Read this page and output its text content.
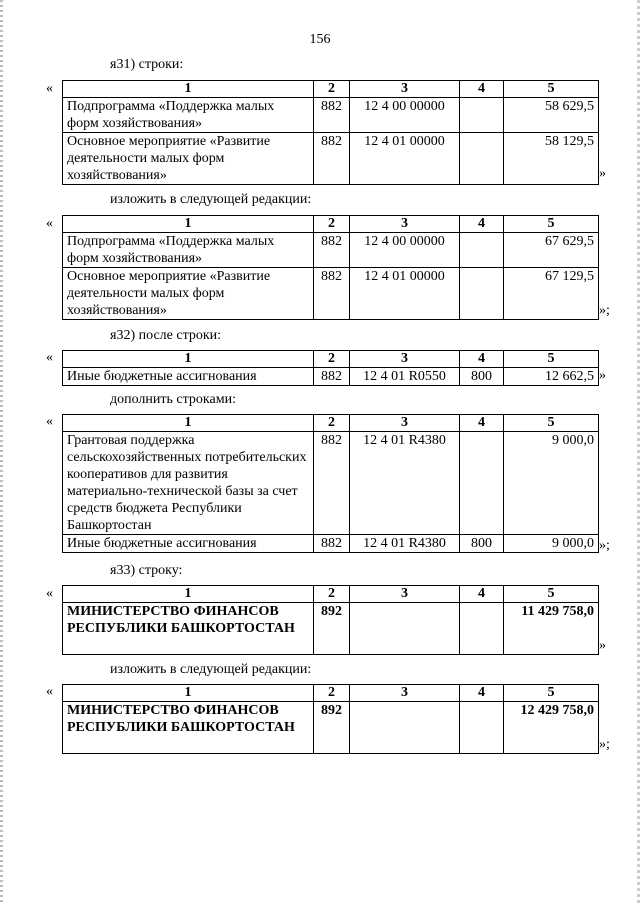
156
я31) строки:
«	1	2	3	4	5
Подпрограмма «Поддержка малых форм хозяйствования»	882	12 4 00 00000		58 629,5
Основное мероприятие «Развитие деятельности малых форм хозяйствования»	882	12 4 01 00000		58 129,5
»
изложить в следующей редакции:
«	1	2	3	4	5
Подпрограмма «Поддержка малых форм хозяйствования»	882	12 4 00 00000		67 629,5
Основное мероприятие «Развитие деятельности малых форм хозяйствования»	882	12 4 01 00000		67 129,5
»;
я32) после строки:
«	1	2	3	4	5
Иные бюджетные ассигнования	882	12 4 01 R0550	800	12 662,5 »
дополнить строками:
«	1	2	3	4	5
Грантовая поддержка сельскохозяйственных потребительских кооперативов для развития материально-технической базы за счет средств бюджета Республики Башкортостан	882	12 4 01 R4380		9 000,0
Иные бюджетные ассигнования	882	12 4 01 R4380	800	9 000,0 »;
я33) строку:
«	1	2	3	4	5
МИНИСТЕРСТВО ФИНАНСОВ РЕСПУБЛИКИ БАШКОРТОСТАН	892			11 429 758,0
»
изложить в следующей редакции:
«	1	2	3	4	5
МИНИСТЕРСТВО ФИНАНСОВ РЕСПУБЛИКИ БАШКОРТОСТАН	892			12 429 758,0
»;
